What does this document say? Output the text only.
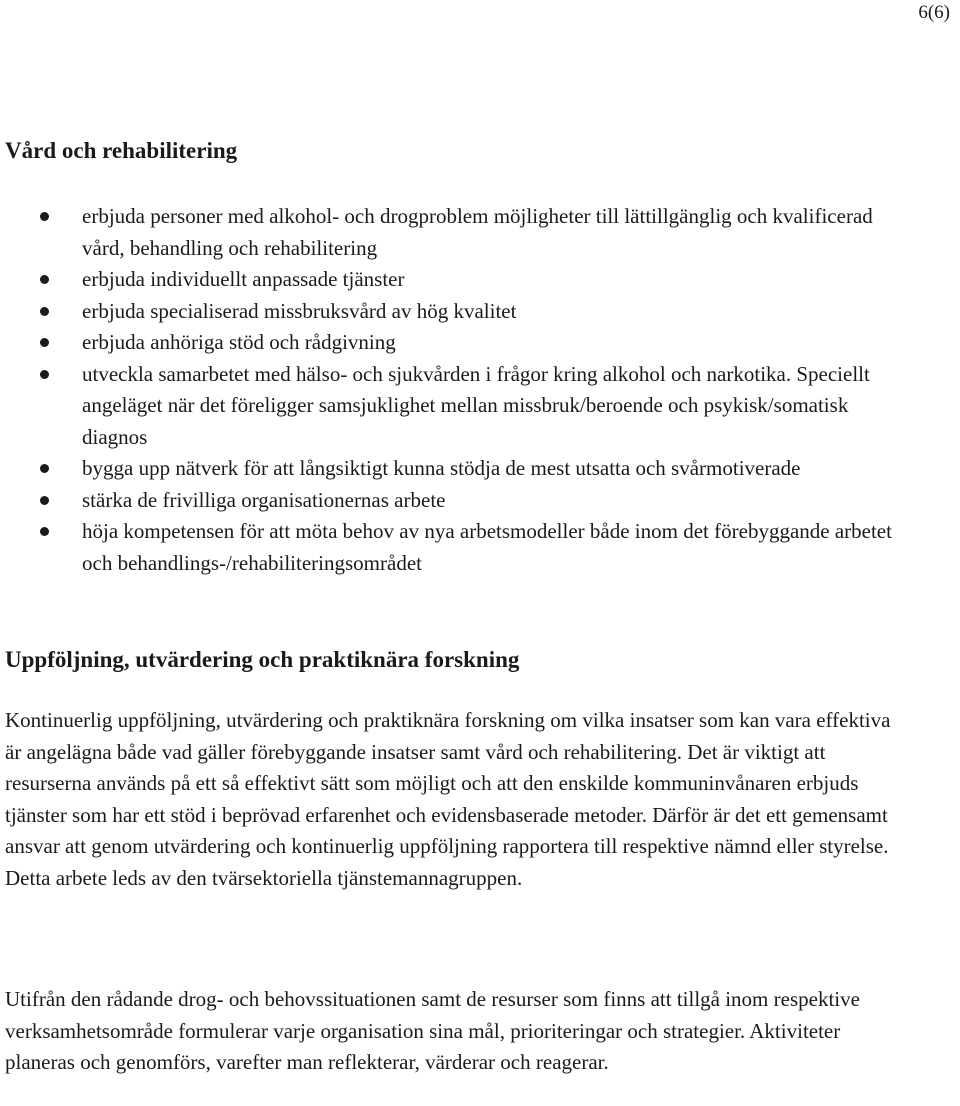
6(6)
Vård och rehabilitering
erbjuda personer med alkohol- och drogproblem möjligheter till lättillgänglig och kvalificerad vård, behandling och rehabilitering
erbjuda individuellt anpassade tjänster
erbjuda specialiserad missbruksvård av hög kvalitet
erbjuda anhöriga stöd och rådgivning
utveckla samarbetet med hälso- och sjukvården i frågor kring alkohol och narkotika. Speciellt angeläget när det föreligger samsjuklighet mellan missbruk/beroende och psykisk/somatisk diagnos
bygga upp nätverk för att långsiktigt kunna stödja de mest utsatta och svårmotiverade
stärka de frivilliga organisationernas arbete
höja kompetensen för att möta behov av nya arbetsmodeller både inom det förebyggande arbetet och behandlings-/rehabiliteringsområdet
Uppföljning, utvärdering och praktiknära forskning

Kontinuerlig uppföljning, utvärdering och praktiknära forskning om vilka insatser som kan vara effektiva är angelägna både vad gäller förebyggande insatser samt vård och rehabilitering. Det är viktigt att resurserna används på ett så effektivt sätt som möjligt och att den enskilde kommuninvånaren erbjuds tjänster som har ett stöd i beprövad erfarenhet och evidensbaserade metoder. Därför är det ett gemensamt ansvar att genom utvärdering och kontinuerlig uppföljning rapportera till respektive nämnd eller styrelse. Detta arbete leds av den tvärsektoriella tjänstemannagruppen.

Utifrån den rådande drog- och behovssituationen samt de resurser som finns att tillgå inom respektive verksamhetsområde formulerar varje organisation sina mål, prioriteringar och strategier. Aktiviteter planeras och genomförs, varefter man reflekterar, värderar och reagerar.
